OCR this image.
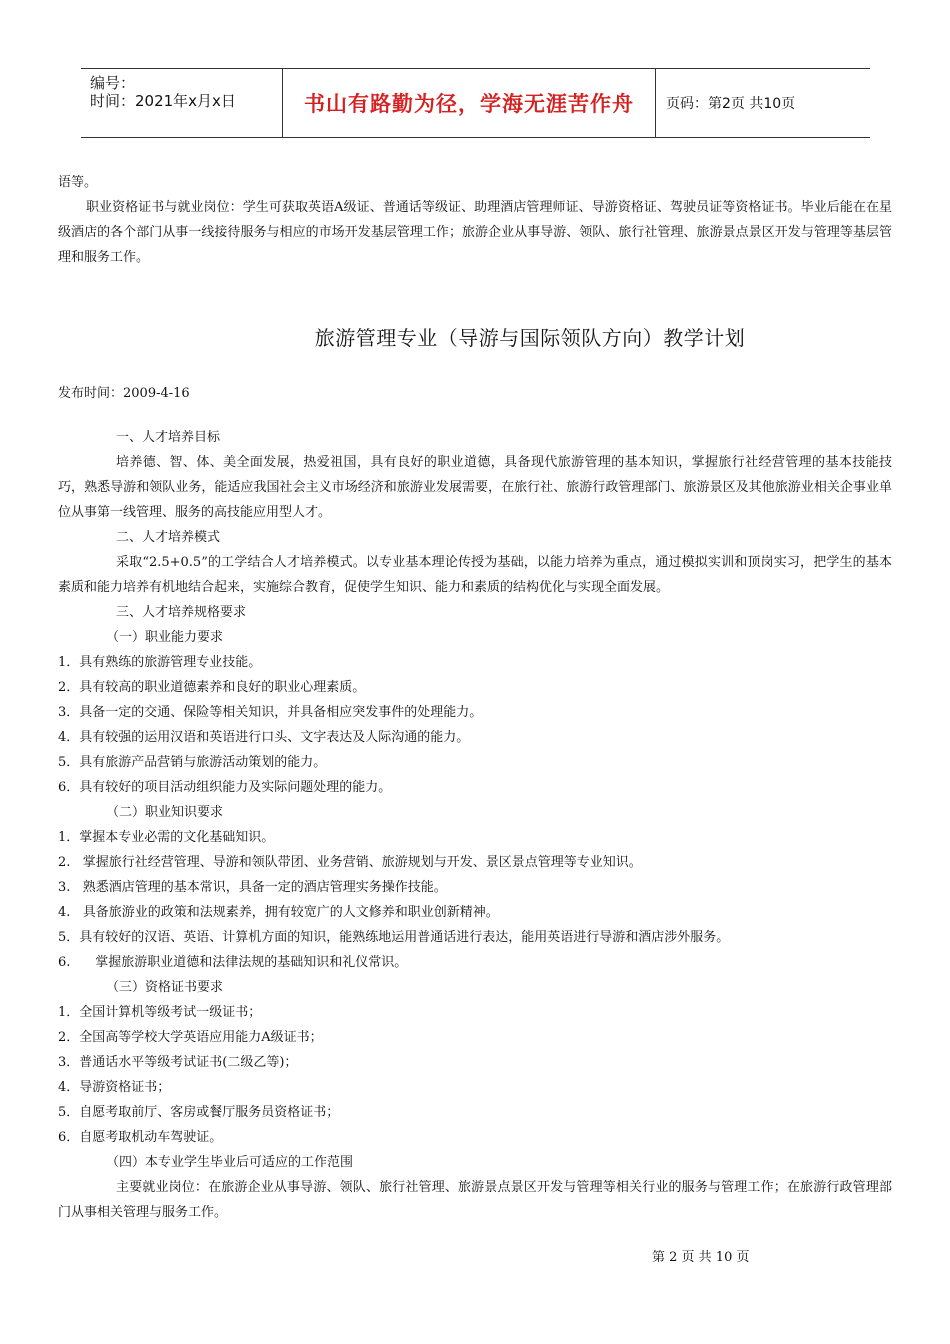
编号：
时间：2021年x月x日	书山有路勤为径，学海无涯苦作舟 页码：第2页 共10页

语等。

职业资格证书与就业岗位：学生可获取英语A级证、普通话等级证、助理酒店管理师证、导游资格证、驾驶员证等资格证书。毕业后能在在星级酒店的各个部门从事一线接待服务与相应的市场开发基层管理工作；旅游企业从事导游、领队、旅行社管理、旅游景点景区开发与管理等基层管理和服务工作。

旅游管理专业（导游与国际领队方向）教学计划
发布时间：2009-4-16

一、人才培养目标

培养德、智、体、美全面发展，热爱祖国，具有良好的职业道德，具备现代旅游管理的基本知识，掌握旅行社经营管理的基本技能技巧，熟悉导游和领队业务，能适应我国社会主义市场经济和旅游业发展需要，在旅行社、旅游行政管理部门、旅游景区及其他旅游业相关企事业单位从事第一线管理、服务的高技能应用型人才。

二、人才培养模式

采取“2.5+0.5”的工学结合人才培养模式。以专业基本理论传授为基础，以能力培养为重点，通过模拟实训和顶岗实习，把学生的基本素质和能力培养有机地结合起来，实施综合教育，促使学生知识、能力和素质的结构优化与实现全面发展。

三、人才培养规格要求

（一）职业能力要求

1．具有熟练的旅游管理专业技能。

2．具有较高的职业道德素养和良好的职业心理素质。

3．具备一定的交通、保险等相关知识，并具备相应突发事件的处理能力。

4．具有较强的运用汉语和英语进行口头、文字表达及人际沟通的能力。

5．具有旅游产品营销与旅游活动策划的能力。

6．具有较好的项目活动组织能力及实际问题处理的能力。

（二）职业知识要求

1．掌握本专业必需的文化基础知识。

2.   掌握旅行社经营管理、导游和领队带团、业务营销、旅游规划与开发、景区景点管理等专业知识。

3.   熟悉酒店管理的基本常识，具备一定的酒店管理实务操作技能。

4.   具备旅游业的政策和法规素养，拥有较宽广的人文修养和职业创新精神。

5．具有较好的汉语、英语、计算机方面的知识，能熟练地运用普通话进行表达，能用英语进行导游和酒店涉外服务。

6.      掌握旅游职业道德和法律法规的基础知识和礼仪常识。

（三）资格证书要求

1．全国计算机等级考试一级证书；

2．全国高等学校大学英语应用能力A级证书；

3．普通话水平等级考试证书(二级乙等)；

4．导游资格证书；

5．自愿考取前厅、客房或餐厅服务员资格证书；

6．自愿考取机动车驾驶证。

（四）本专业学生毕业后可适应的工作范围

主要就业岗位：在旅游企业从事导游、领队、旅行社管理、旅游景点景区开发与管理等相关行业的服务与管理工作；在旅游行政管理部门从事相关管理与服务工作。

第 2 页 共 10 页
